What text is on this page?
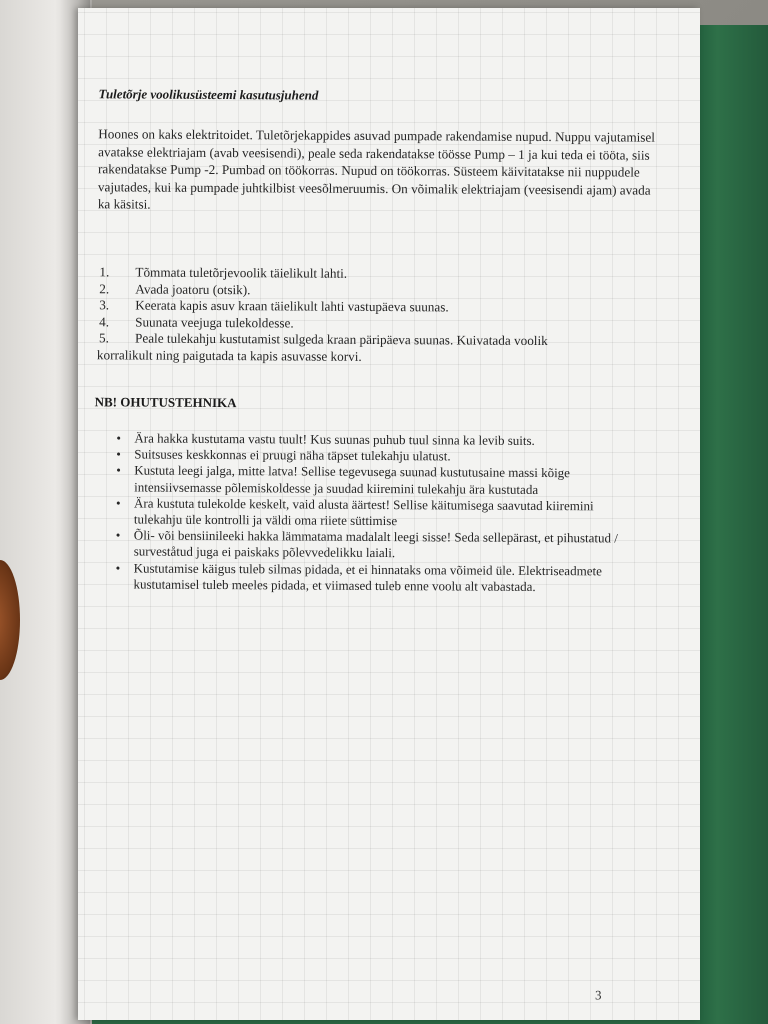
Tuletõrje voolikusüsteemi kasutusjuhend

Hoones on kaks elektritoidet. Tuletõrjekappides asuvad pumpade rakendamise nupud. Nuppu vajutamisel avatakse elektriajam (avab veesisendi), peale seda rakendatakse töösse Pump – 1 ja kui teda ei tööta, siis rakendatakse Pump -2. Pumbad on töökorras. Nupud on töökorras. Süsteem käivitatakse nii nuppudele vajutades, kui ka pumpade juhtkilbist veesõlmeruumis. On võimalik elektriajam (veesisendi ajam) avada ka käsitsi.

1. Tõmmata tuletõrjevoolik täielikult lahti.
2. Avada joatoru (otsik).
3. Keerata kapis asuv kraan täielikult lahti vastupäeva suunas.
4. Suunata veejuga tulekoldesse.
5. Peale tulekahju kustutamist sulgeda kraan päripäeva suunas. Kuivatada voolik
korralikult ning paigutada ta kapis asuvasse korvi.

NB! OHUTUSTEHNIKA

• Ära hakka kustutama vastu tuult! Kus suunas puhub tuul sinna ka levib suits.
• Suitsuses keskkonnas ei pruugi näha täpset tulekahju ulatust.
• Kustuta leegi jalga, mitte latva! Sellise tegevusega suunad kustutusaine massi kõige intensiivsemasse põlemiskoldesse ja suudad kiiremini tulekahju ära kustutada
• Ära kustuta tulekolde keskelt, vaid alusta äärtest! Sellise käitumisega saavutad kiiremini tulekahju üle kontrolli ja väldi oma riiete süttimise
• Õli- või bensiinileeki hakka lämmatama madalalt leegi sisse! Seda sellepärast, et pihustatud / surveståtud juga ei paiskaks põlevvedelikku laiali.
• Kustutamise käigus tuleb silmas pidada, et ei hinnataks oma võimeid üle. Elektriseadmete kustutamisel tuleb meeles pidada, et viimased tuleb enne voolu alt vabastada.

3
